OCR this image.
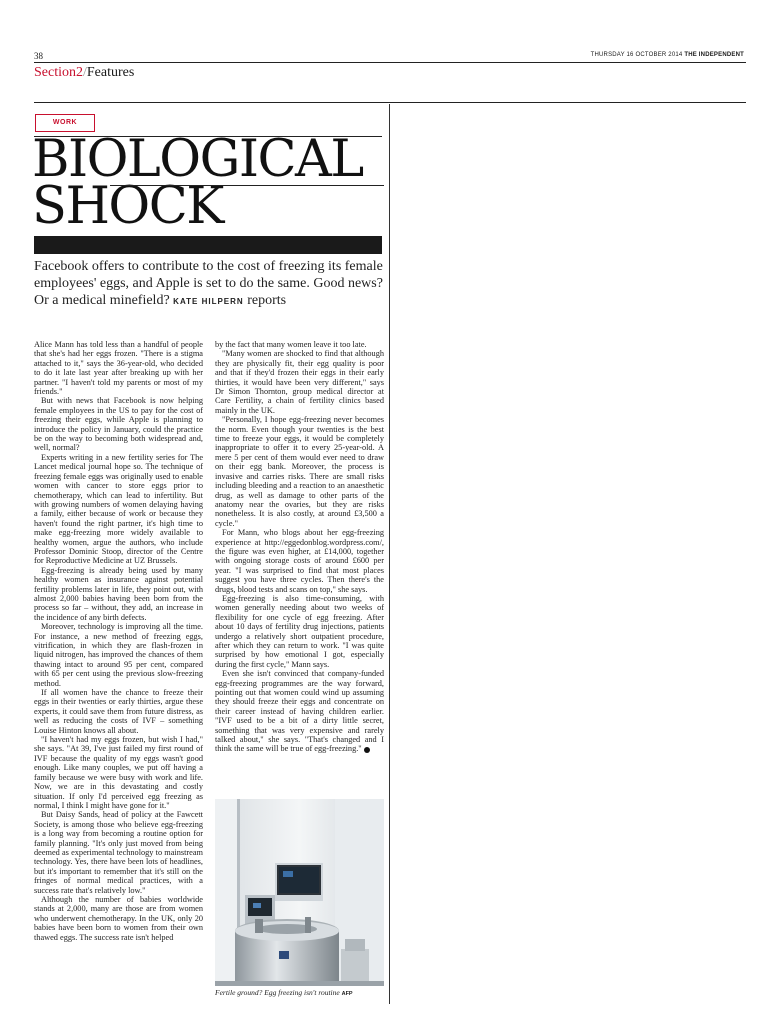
38	THURSDAY 16 OCTOBER 2014 THE INDEPENDENT
Section2/Features
WORK
BIOLOGICAL
SHOCK
Facebook offers to contribute to the cost of freezing its female employees' eggs, and Apple is set to do the same. Good news? Or a medical minefield? KATE HILPERN reports

Alice Mann has told less than a handful of people that she's had her eggs frozen. "There is a stigma attached to it," says the 36-year-old, who decided to do it late last year after breaking up with her partner. "I haven't told my parents or most of my friends."

But with news that Facebook is now helping female employees in the US to pay for the cost of freezing their eggs, while Apple is planning to introduce the policy in January, could the practice be on the way to becoming both widespread and, well, normal?

Experts writing in a new fertility series for The Lancet medical journal hope so. The technique of freezing female eggs was originally used to enable women with cancer to store eggs prior to chemotherapy, which can lead to infertility. But with growing numbers of women delaying having a family, either because of work or because they haven't found the right partner, it's high time to make egg-freezing more widely available to healthy women, argue the authors, who include Professor Dominic Stoop, director of the Centre for Reproductive Medicine at UZ Brussels.

Egg-freezing is already being used by many healthy women as insurance against potential fertility problems later in life, they point out, with almost 2,000 babies having been born from the process so far – without, they add, an increase in the incidence of any birth defects.

Moreover, technology is improving all the time. For instance, a new method of freezing eggs, vitrification, in which they are flash-frozen in liquid nitrogen, has improved the chances of them thawing intact to around 95 per cent, compared with 65 per cent using the previous slow-freezing method.

If all women have the chance to freeze their eggs in their twenties or early thirties, argue these experts, it could save them from future distress, as well as reducing the costs of IVF – something Louise Hinton knows all about.

"I haven't had my eggs frozen, but wish I had," she says. "At 39, I've just failed my first round of IVF because the quality of my eggs wasn't good enough. Like many couples, we put off having a family because we were busy with work and life. Now, we are in this devastating and costly situation. If only I'd perceived egg freezing as normal, I think I might have gone for it."

But Daisy Sands, head of policy at the Fawcett Society, is among those who believe egg-freezing is a long way from becoming a routine option for family planning. "It's only just moved from being deemed as experimental technology to mainstream technology. Yes, there have been lots of headlines, but it's important to remember that it's still on the fringes of normal medical practices, with a success rate that's relatively low."

Although the number of babies worldwide stands at 2,000, many are those are from women who underwent chemotherapy. In the UK, only 20 babies have been born to women from their own thawed eggs. The success rate isn't helped

by the fact that many women leave it too late.

"Many women are shocked to find that although they are physically fit, their egg quality is poor and that if they'd frozen their eggs in their early thirties, it would have been very different," says Dr Simon Thornton, group medical director at Care Fertility, a chain of fertility clinics based mainly in the UK.

"Personally, I hope egg-freezing never becomes the norm. Even though your twenties is the best time to freeze your eggs, it would be completely inappropriate to offer it to every 25-year-old. A mere 5 per cent of them would ever need to draw on their egg bank. Moreover, the process is invasive and carries risks. There are small risks including bleeding and a reaction to an anaesthetic drug, as well as damage to other parts of the anatomy near the ovaries, but they are risks nonetheless. It is also costly, at around £3,500 a cycle."

For Mann, who blogs about her egg-freezing experience at http://eggedonblog.wordpress.com/, the figure was even higher, at £14,000, together with ongoing storage costs of around £600 per year. "I was surprised to find that most places suggest you have three cycles. Then there's the drugs, blood tests and scans on top," she says.

Egg-freezing is also time-consuming, with women generally needing about two weeks of flexibility for one cycle of egg freezing. After about 10 days of fertility drug injections, patients undergo a relatively short outpatient procedure, after which they can return to work. "I was quite surprised by how emotional I got, especially during the first cycle," Mann says.

Even she isn't convinced that company-funded egg-freezing programmes are the way forward, pointing out that women could wind up assuming they should freeze their eggs and concentrate on their career instead of having children earlier. "IVF used to be a bit of a dirty little secret, something that was very expensive and rarely talked about," she says. "That's changed and I think the same will be true of egg-freezing."

Fertile ground? Egg freezing isn't routine AFP
